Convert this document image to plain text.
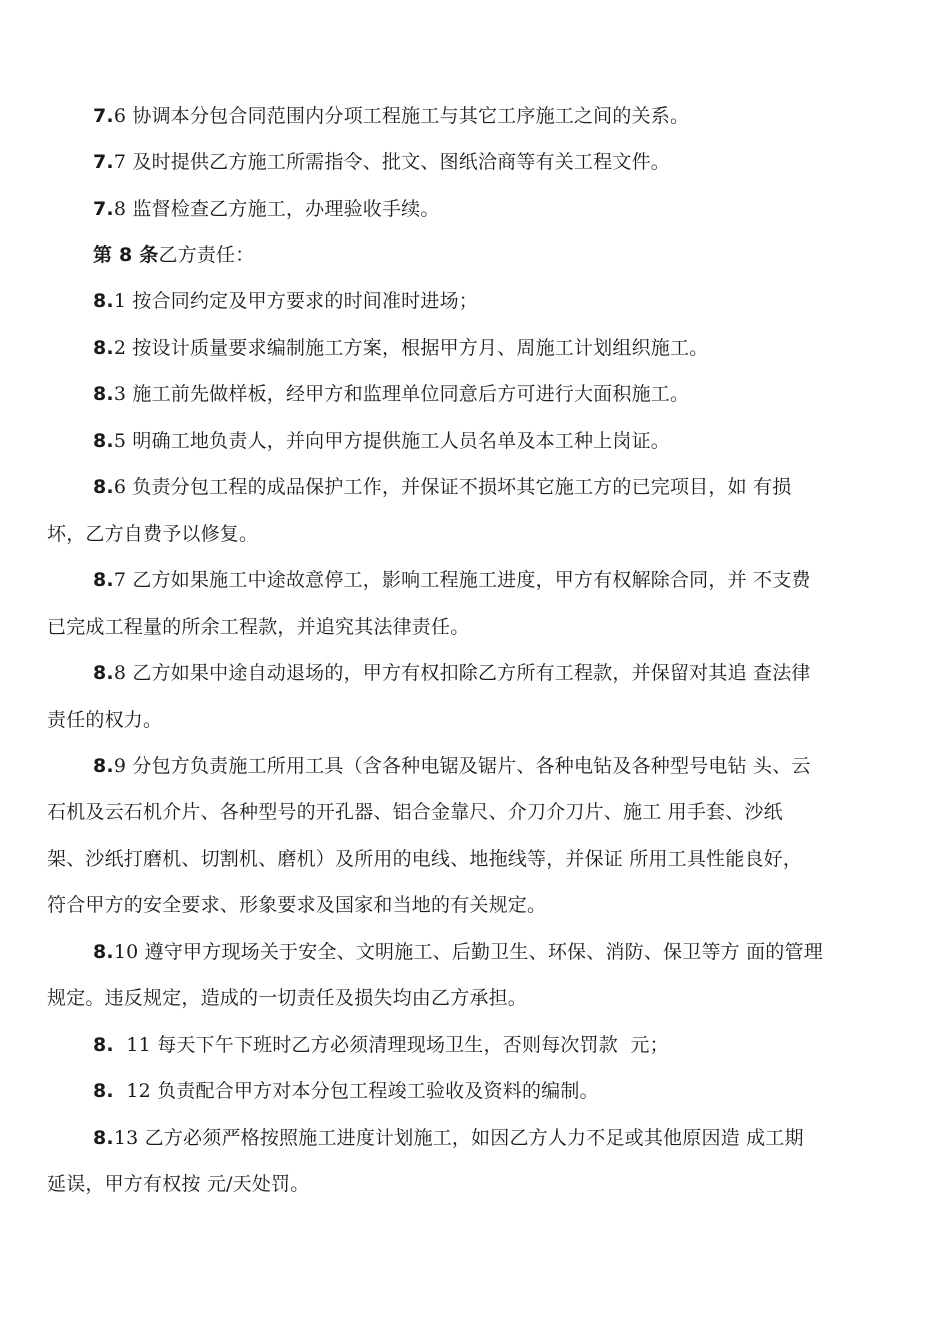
7.6 协调本分包合同范围内分项工程施工与其它工序施工之间的关系。
7.7 及时提供乙方施工所需指令、批文、图纸洽商等有关工程文件。
7.8 监督检查乙方施工，办理验收手续。
第 8 条乙方责任：
8.1 按合同约定及甲方要求的时间准时进场；
8.2 按设计质量要求编制施工方案，根据甲方月、周施工计划组织施工。
8.3 施工前先做样板，经甲方和监理单位同意后方可进行大面积施工。
8.5 明确工地负责人，并向甲方提供施工人员名单及本工种上岗证。
8.6 负责分包工程的成品保护工作，并保证不损坏其它施工方的已完项目，如 有损
坏，乙方自费予以修复。
8.7 乙方如果施工中途故意停工，影响工程施工进度，甲方有权解除合同，并 不支费
已完成工程量的所余工程款，并追究其法律责任。
8.8 乙方如果中途自动退场的，甲方有权扣除乙方所有工程款，并保留对其追 查法律
责任的权力。
8.9 分包方负责施工所用工具（含各种电锯及锯片、各种电钻及各种型号电钻 头、云
石机及云石机介片、各种型号的开孔器、铝合金靠尺、介刀介刀片、施工 用手套、沙纸
架、沙纸打磨机、切割机、磨机）及所用的电线、地拖线等，并保证 所用工具性能良好，
符合甲方的安全要求、形象要求及国家和当地的有关规定。
8.10 遵守甲方现场关于安全、文明施工、后勤卫生、环保、消防、保卫等方 面的管理
规定。违反规定，造成的一切责任及损失均由乙方承担。
8.  11 每天下午下班时乙方必须清理现场卫生，否则每次罚款  元；
8.  12 负责配合甲方对本分包工程竣工验收及资料的编制。
8.13 乙方必须严格按照施工进度计划施工，如因乙方人力不足或其他原因造 成工期
延误，甲方有权按 元/天处罚。
